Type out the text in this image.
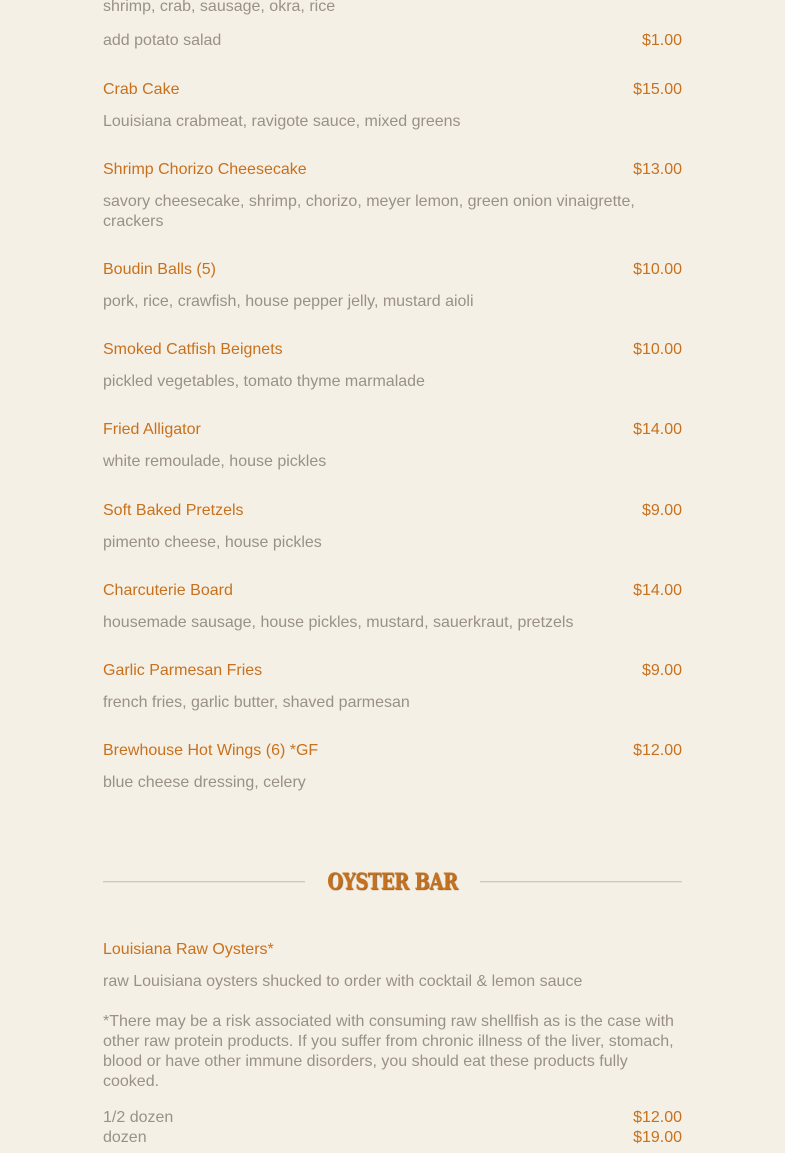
shrimp, crab, sausage, okra, rice
add potato salad	$1.00
Crab Cake	$15.00
Louisiana crabmeat, ravigote sauce, mixed greens
Shrimp Chorizo Cheesecake	$13.00
savory cheesecake, shrimp, chorizo, meyer lemon, green onion vinaigrette, crackers
Boudin Balls (5)	$10.00
pork, rice, crawfish, house pepper jelly, mustard aioli
Smoked Catfish Beignets	$10.00
pickled vegetables, tomato thyme marmalade
Fried Alligator	$14.00
white remoulade, house pickles
Soft Baked Pretzels	$9.00
pimento cheese, house pickles
Charcuterie Board	$14.00
housemade sausage, house pickles, mustard, sauerkraut, pretzels
Garlic Parmesan Fries	$9.00
french fries, garlic butter, shaved parmesan
Brewhouse Hot Wings (6) *GF	$12.00
blue cheese dressing, celery
OYSTER BAR
Louisiana Raw Oysters*
raw Louisiana oysters shucked to order with cocktail & lemon sauce
*There may be a risk associated with consuming raw shellfish as is the case with other raw protein products. If you suffer from chronic illness of the liver, stomach, blood or have other immune disorders, you should eat these products fully cooked.
1/2 dozen	$12.00
dozen	$19.00
